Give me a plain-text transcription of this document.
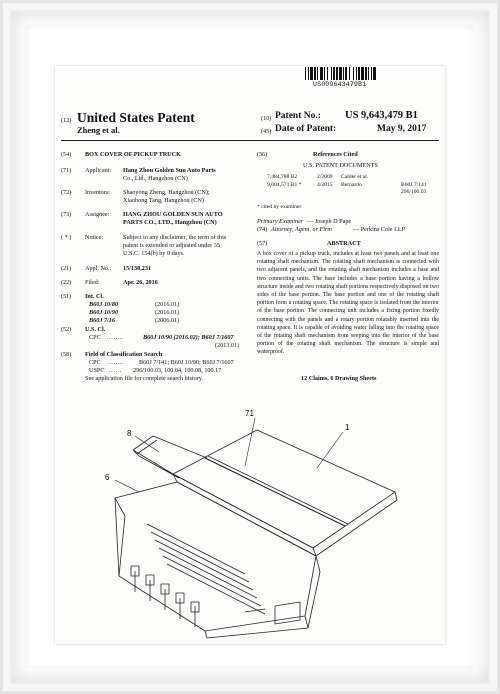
US009643479B1
(12) United States Patent
Zheng et al.
(10) Patent No.: US 9,643,479 B1
(45) Date of Patent:	May 9, 2017
(54) BOX COVER OF PICKUP TRUCK
(71) Applicant: Hang Zhou Golden Sun Auto Parts
Co., Ltd., Hangzhou (CN)
(72) Inventors: Shaoyong Zheng, Hangzhou (CN);
Xiaohong Tang, Hangzhou (CN)
(73) Assignee: HANG ZHOU GOLDEN SUN AUTO
PARTS CO., LTD., Hangzhou (CN)
( * ) Notice:	Subject to any disclaimer, the term of this
patent is extended or adjusted under 35
U.S.C. 154(b) by 0 days.
(21) Appl. No.: 15/138,231
(22) Filed:	Apr. 26, 2016
(51) Int. Cl.
B60J 10/80	(2016.01)
B60J 10/90	(2016.01)
B60J 7/16	(2006.01)
(52) U.S. Cl.
CPC ........	B60J 10/90 (2016.02); B60J 7/1607
(2013.01)
(58) Field of Classification Search
CPC ........ B60J 7/141; B60J 10/90; B60J 7/1607
USPC ...... 296/100.03, 100.04, 100.08, 100.17
See application file for complete search history.
(56)	References Cited
U.S. PATENT DOCUMENTS
7,484,788 B2	2/2009 Calder et al.
9,004,571 B1 *	4/2015 Bernardo	B60J 7/141
296/100.03
* cited by examiner
Primary Examiner — Joseph D Pape
(74) Attorney, Agent, or Firm	— Perkins Coie LLP
(57)	ABSTRACT
A box cover of a pickup truck, includes at least two panels and at least one rotating shaft mechanism. The rotating shaft mechanism is connected with two adjacent panels, and the rotating shaft mechanism includes a base and two connecting units. The base includes a base portion having a hollow structure inside and two rotating shaft portions respectively disposed on two sides of the base portion. The base portion and one of the rotating shaft portion form a rotating space. The rotating space is isolated from the interior of the base portion. The connecting unit includes a fixing portion fixedly connecting with the panels and a rotary portion rotatably inserted into the rotating space. It is capable of avoiding water falling into the rotating space of the rotating shaft mechanism from seeping into the interior of the base portion of the rotating shaft mechanism. The structure is simple and waterproof.
12 Claims, 6 Drawing Sheets
71
1
8
6
